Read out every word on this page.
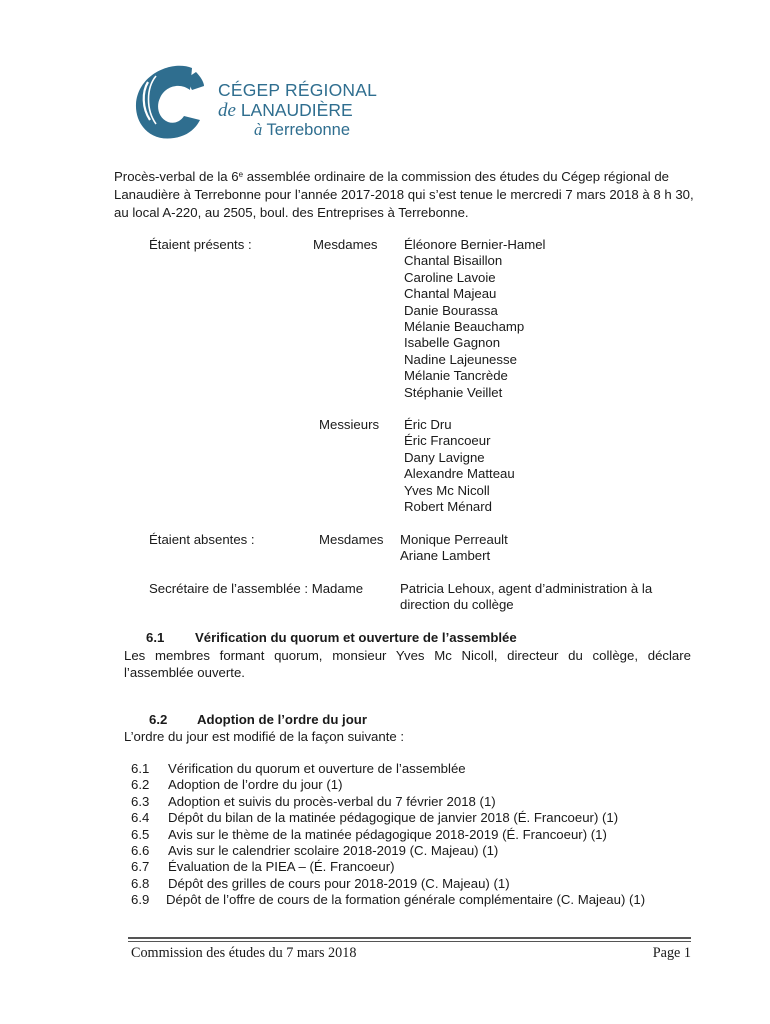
CÉGEP RÉGIONAL
de LANAUDIÈRE
à Terrebonne
Procès-verbal de la 6e assemblée ordinaire de la commission des études du Cégep régional de Lanaudière à Terrebonne pour l’année 2017-2018 qui s’est tenue le mercredi 7 mars 2018 à 8 h 30, au local A-220, au 2505, boul. des Entreprises à Terrebonne.
Étaient présents :	Mesdames Éléonore Bernier-Hamel
Chantal Bisaillon
Caroline Lavoie
Chantal Majeau
Danie Bourassa
Mélanie Beauchamp
Isabelle Gagnon
Nadine Lajeunesse
Mélanie Tancrède
Stéphanie Veillet
Messieurs Éric Dru
Éric Francoeur
Dany Lavigne
Alexandre Matteau
Yves Mc Nicoll
Robert Ménard
Étaient absentes :	Mesdames Monique Perreault
Ariane Lambert
Secrétaire de l’assemblée : Madame	Patricia Lehoux, agent d’administration à la
direction du collège
6.1 Vérification du quorum et ouverture de l’assemblée
Les membres formant quorum, monsieur Yves Mc Nicoll, directeur du collège, déclare l’assemblée ouverte.
6.2 Adoption de l’ordre du jour
L’ordre du jour est modifié de la façon suivante :
6.1 Vérification du quorum et ouverture de l’assemblée
6.2 Adoption de l’ordre du jour (1)
6.3 Adoption et suivis du procès-verbal du 7 février 2018 (1)
6.4 Dépôt du bilan de la matinée pédagogique de janvier 2018 (É. Francoeur) (1)
6.5 Avis sur le thème de la matinée pédagogique 2018-2019 (É. Francoeur) (1)
6.6 Avis sur le calendrier scolaire 2018-2019 (C. Majeau) (1)
6.7 Évaluation de la PIEA – (É. Francoeur)
6.8 Dépôt des grilles de cours pour 2018-2019 (C. Majeau) (1)
6.9 Dépôt de l’offre de cours de la formation générale complémentaire (C. Majeau) (1)
Commission des études du 7 mars 2018	Page 1
